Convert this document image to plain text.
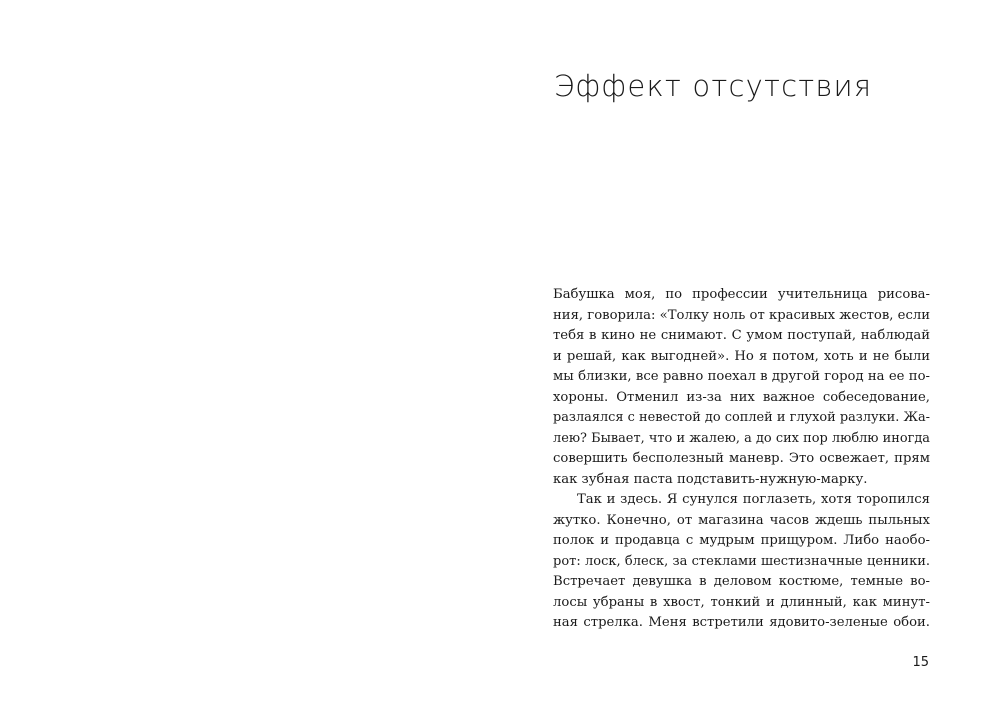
Эффект отсутствия
Бабушка моя, по профессии учительница рисова-
ния, говорила: «Толку ноль от красивых жестов, если
тебя в кино не снимают. С умом поступай, наблюдай
и решай, как выгодней». Но я потом, хоть и не были
мы близки, все равно поехал в другой город на ее по-
хороны. Отменил из-за них важное собеседование,
разлаялся с невестой до соплей и глухой разлуки. Жа-
лею? Бывает, что и жалею, а до сих пор люблю иногда
совершить бесполезный маневр. Это освежает, прям
как зубная паста подставить-нужную-марку.
Так и здесь. Я сунулся поглазеть, хотя торопился
жутко. Конечно, от магазина часов ждешь пыльных
полок и продавца с мудрым прищуром. Либо наобо-
рот: лоск, блеск, за стеклами шестизначные ценники.
Встречает девушка в деловом костюме, темные во-
лосы убраны в хвост, тонкий и длинный, как минут-
ная стрелка. Меня встретили ядовито-зеленые обои.
15
